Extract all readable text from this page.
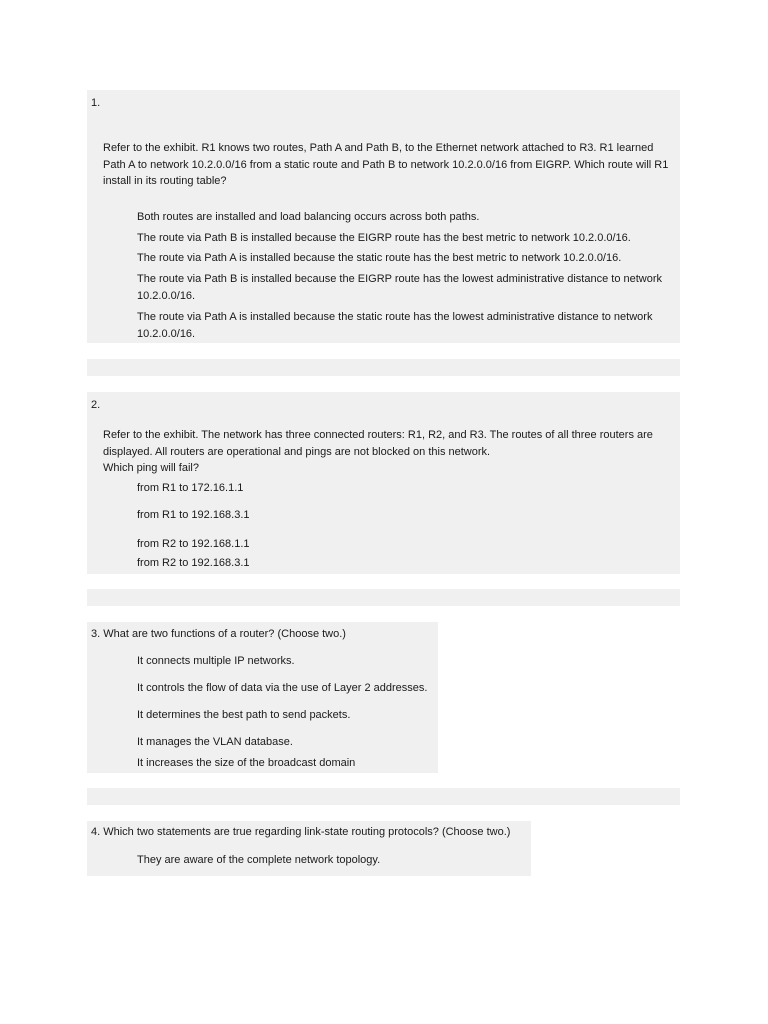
1.
Refer to the exhibit. R1 knows two routes, Path A and Path B, to the Ethernet network attached to R3. R1 learned Path A to network 10.2.0.0/16 from a static route and Path B to network 10.2.0.0/16 from EIGRP. Which route will R1 install in its routing table?
Both routes are installed and load balancing occurs across both paths.
The route via Path B is installed because the EIGRP route has the best metric to network 10.2.0.0/16.
The route via Path A is installed because the static route has the best metric to network 10.2.0.0/16.
The route via Path B is installed because the EIGRP route has the lowest administrative distance to network 10.2.0.0/16.
The route via Path A is installed because the static route has the lowest administrative distance to network 10.2.0.0/16.
2.
Refer to the exhibit. The network has three connected routers: R1, R2, and R3. The routes of all three routers are displayed. All routers are operational and pings are not blocked on this network.
Which ping will fail?
from R1 to 172.16.1.1
from R1 to 192.168.3.1
from R2 to 192.168.1.1
from R2 to 192.168.3.1
3. What are two functions of a router? (Choose two.)
It connects multiple IP networks.
It controls the flow of data via the use of Layer 2 addresses.
It determines the best path to send packets.
It manages the VLAN database.
It increases the size of the broadcast domain
4. Which two statements are true regarding link-state routing protocols? (Choose two.)
They are aware of the complete network topology.
